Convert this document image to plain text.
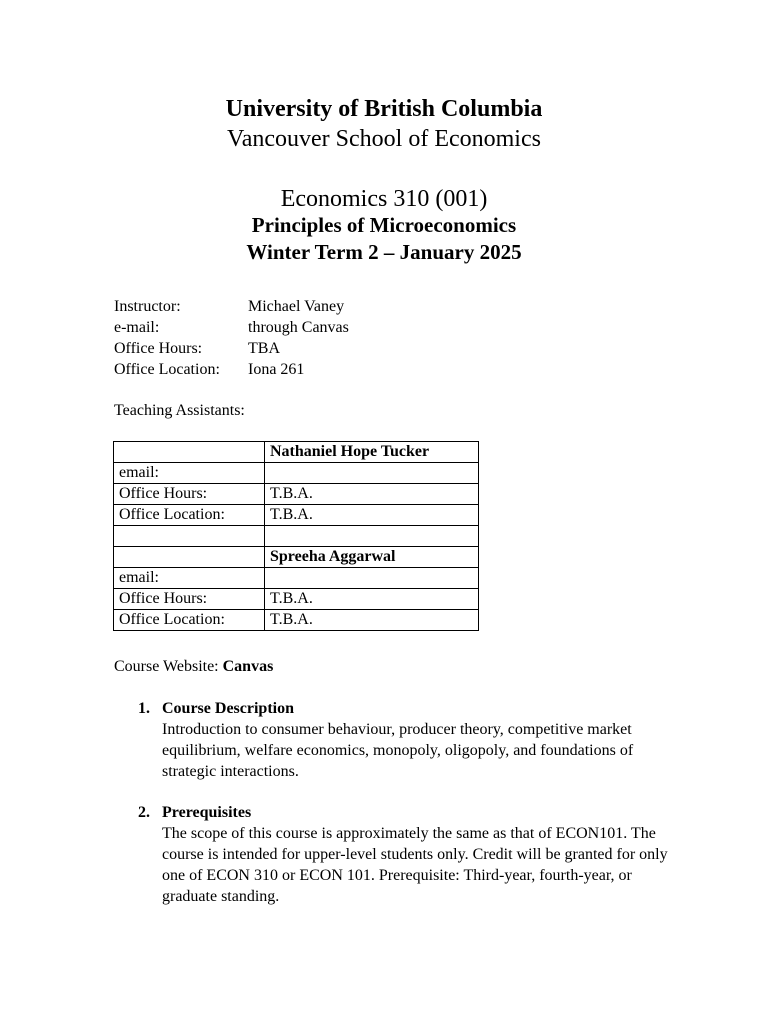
University of British Columbia
Vancouver School of Economics
Economics 310 (001)
Principles of Microeconomics
Winter Term 2 – January 2025
Instructor:	Michael Vaney
e-mail:	through Canvas
Office Hours:	TBA
Office Location:	Iona 261
Teaching Assistants:
	Nathaniel Hope Tucker
email:	
Office Hours:	T.B.A.
Office Location:	T.B.A.

	Spreeha Aggarwal
email:	
Office Hours:	T.B.A.
Office Location:	T.B.A.
Course Website: Canvas
1. Course Description
Introduction to consumer behaviour, producer theory, competitive market equilibrium, welfare economics, monopoly, oligopoly, and foundations of strategic interactions.
2. Prerequisites
The scope of this course is approximately the same as that of ECON101. The course is intended for upper-level students only. Credit will be granted for only one of ECON 310 or ECON 101. Prerequisite: Third-year, fourth-year, or graduate standing.
